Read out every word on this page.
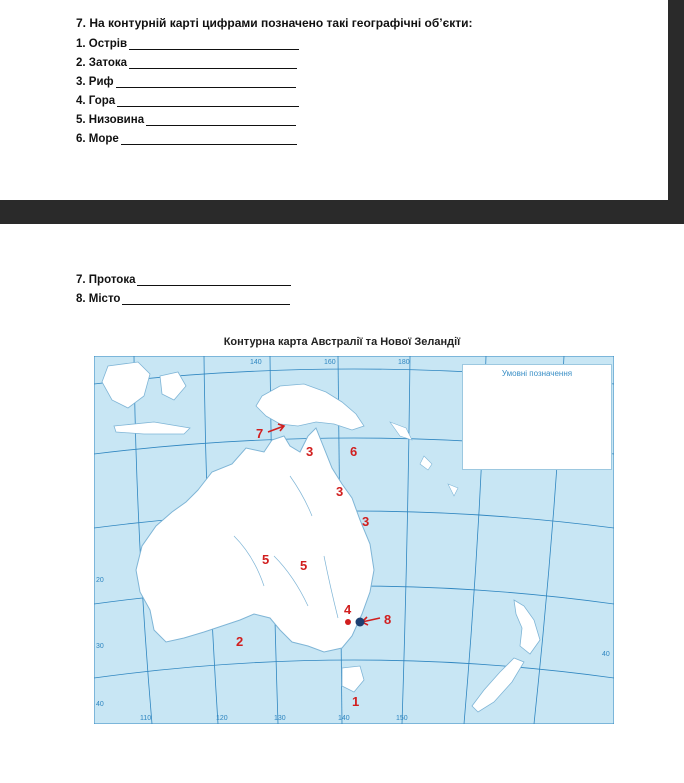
7. На контурній карті цифрами позначено такі географічні об’єкти:
1. Острів
2. Затока
3. Риф
4. Гора
5. Низовина
6. Море
7. Протока
8. Місто
Контурна карта Австралії та Нової Зеландії
140	160	180
110	120	130	140	150
20
30
40
40
1
2
3
3
3
4
5 5
6
7
8
Умовні позначення
